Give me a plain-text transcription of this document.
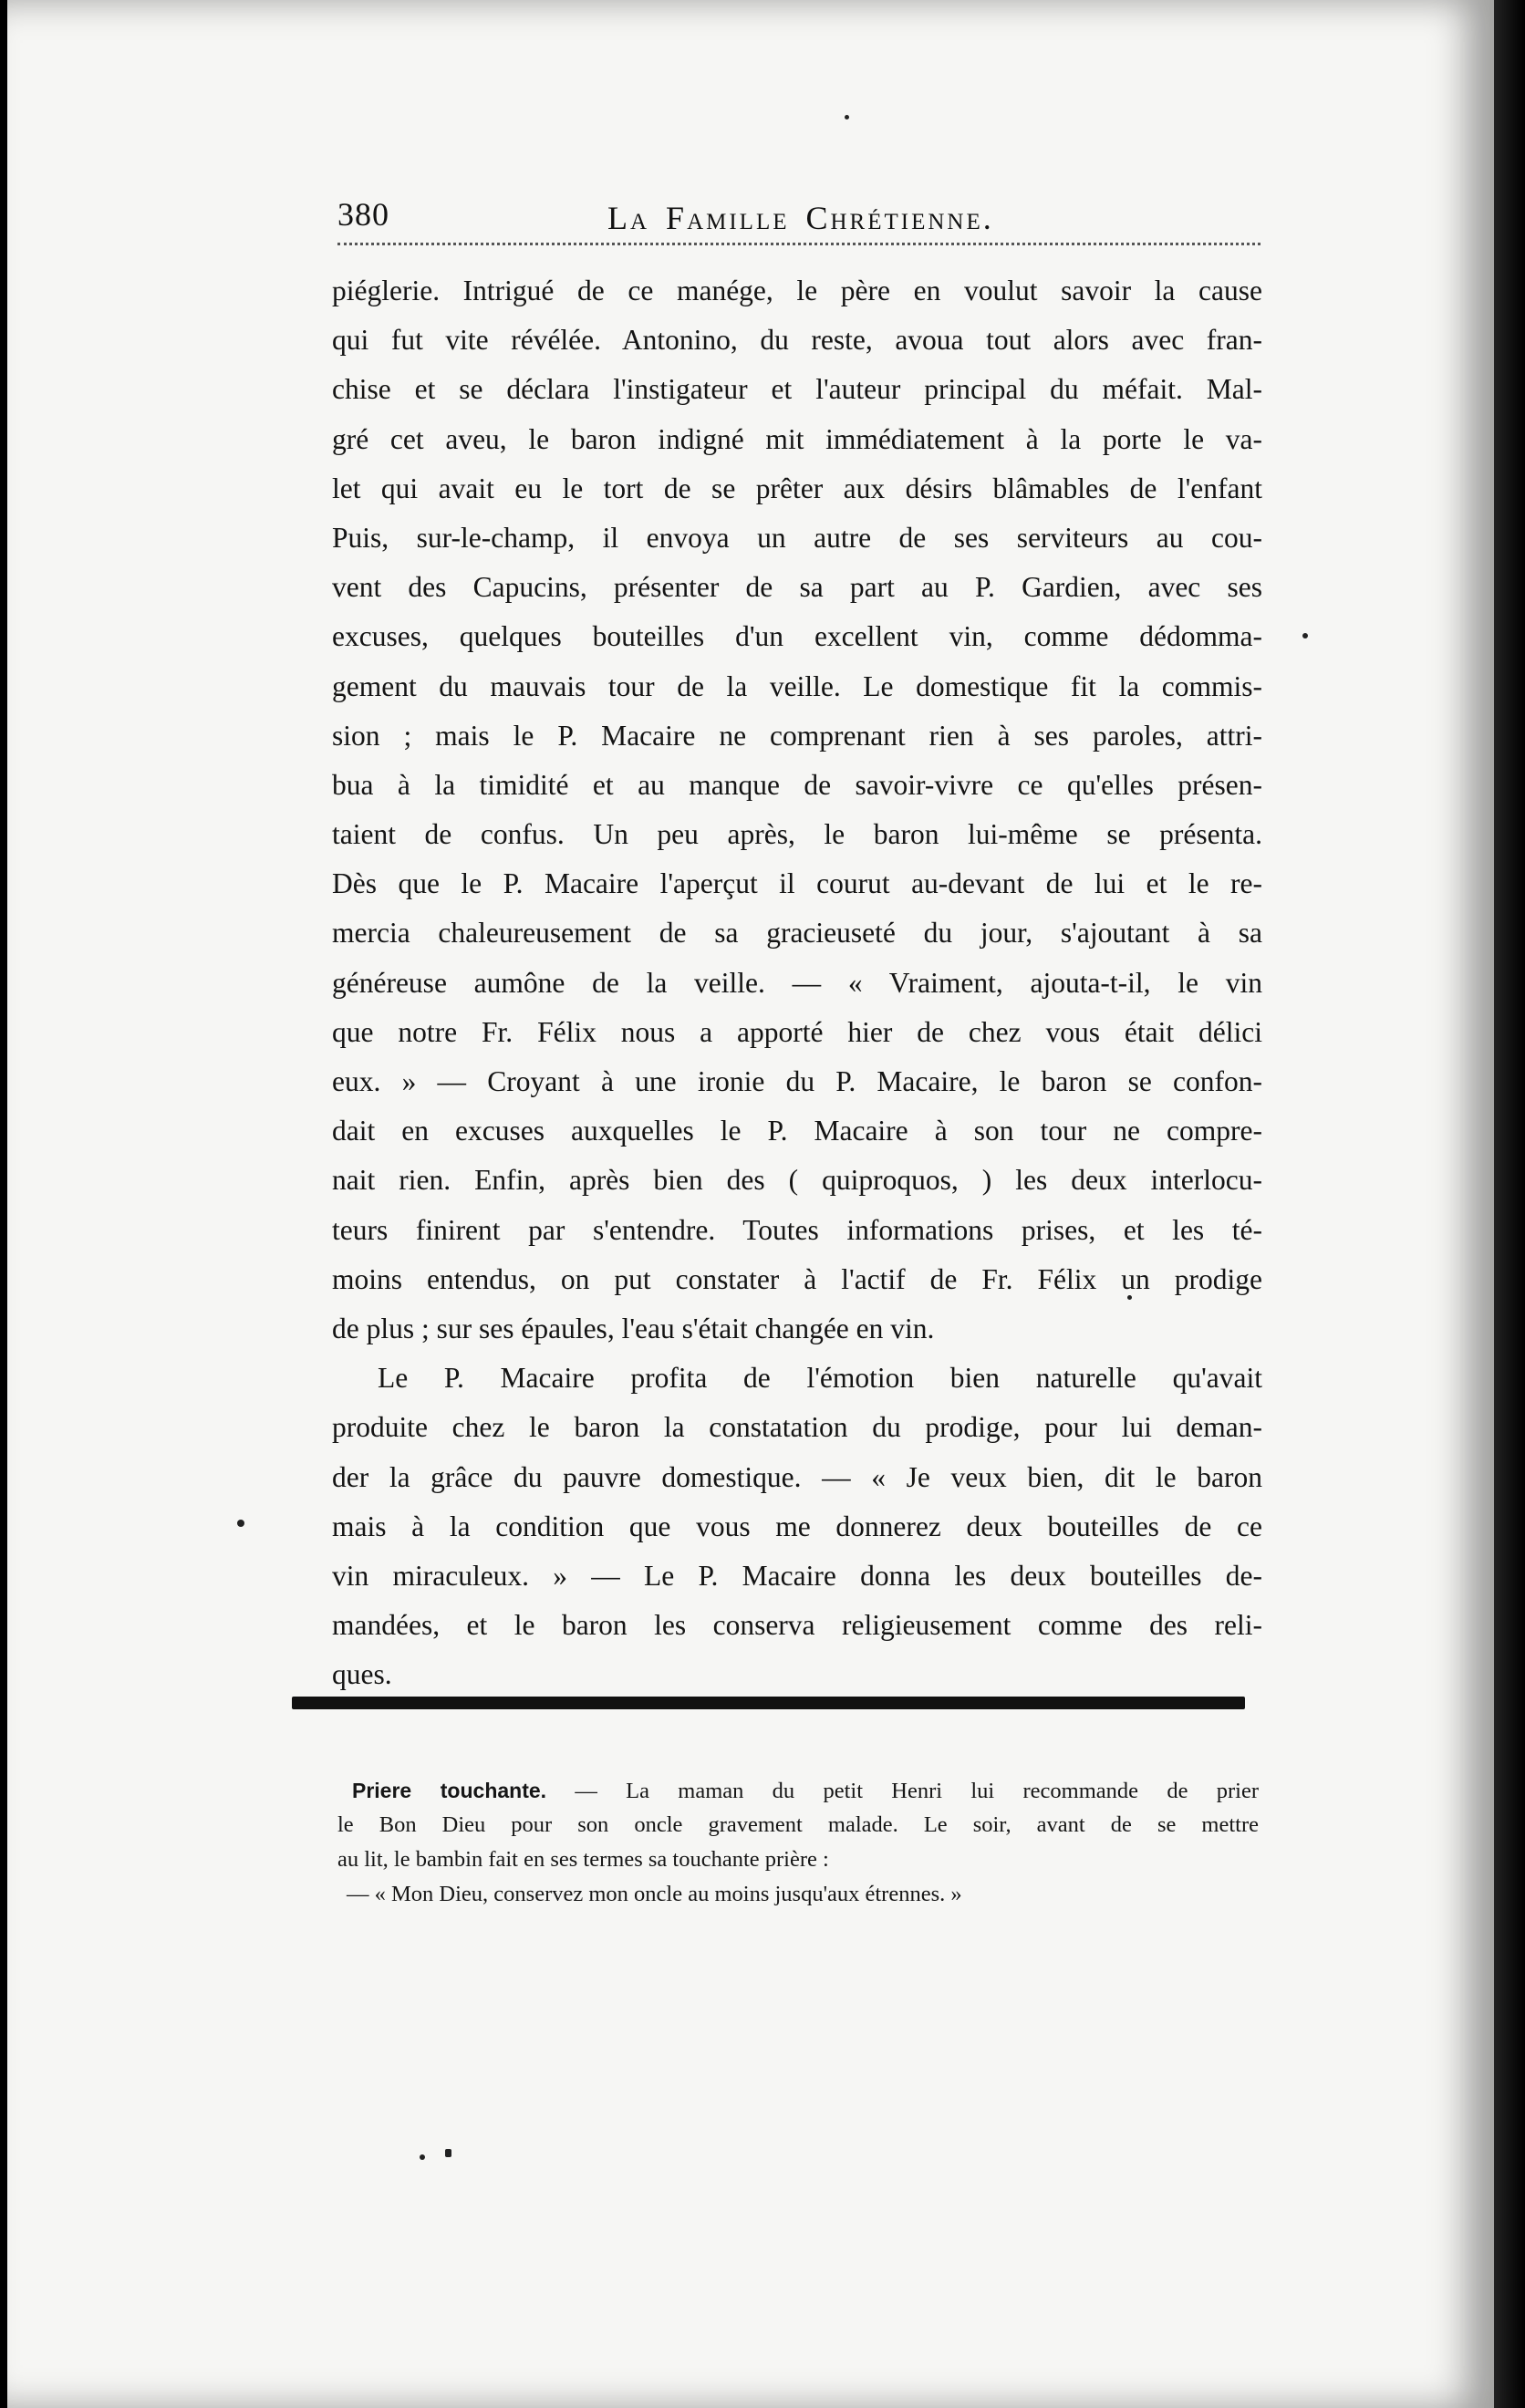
380	La Famille Chrétienne.
piéglerie. Intrigué de ce manége, le père en voulut savoir la cause
qui fut vite révélée. Antonino, du reste, avoua tout alors avec fran-
chise et se déclara l'instigateur et l'auteur principal du méfait. Mal-
gré cet aveu, le baron indigné mit immédiatement à la porte le va-
let qui avait eu le tort de se prêter aux désirs blâmables de l'enfant
Puis, sur-le-champ, il envoya un autre de ses serviteurs au cou-
vent des Capucins, présenter de sa part au P. Gardien, avec ses
excuses, quelques bouteilles d'un excellent vin, comme dédomma-
gement du mauvais tour de la veille. Le domestique fit la commis-
sion ; mais le P. Macaire ne comprenant rien à ses paroles, attri-
bua à la timidité et au manque de savoir-vivre ce qu'elles présen-
taient de confus. Un peu après, le baron lui-même se présenta.
Dès que le P. Macaire l'aperçut il courut au-devant de lui et le re-
mercia chaleureusement de sa gracieuseté du jour, s'ajoutant à sa
généreuse aumône de la veille. — « Vraiment, ajouta-t-il, le vin
que notre Fr. Félix nous a apporté hier de chez vous était délici
eux. » — Croyant à une ironie du P. Macaire, le baron se confon-
dait en excuses auxquelles le P. Macaire à son tour ne compre-
nait rien. Enfin, après bien des ( quiproquos, ) les deux interlocu-
teurs finirent par s'entendre. Toutes informations prises, et les té-
moins entendus, on put constater à l'actif de Fr. Félix un prodige
de plus ; sur ses épaules, l'eau s'était changée en vin.
Le P. Macaire profita de l'émotion bien naturelle qu'avait
produite chez le baron la constatation du prodige, pour lui deman-
der la grâce du pauvre domestique. — « Je veux bien, dit le baron
mais à la condition que vous me donnerez deux bouteilles de ce
vin miraculeux. » — Le P. Macaire donna les deux bouteilles de-
mandées, et le baron les conserva religieusement comme des reli-
ques.
Priere touchante. — La maman du petit Henri lui recommande de prier
le Bon Dieu pour son oncle gravement malade. Le soir, avant de se mettre
au lit, le bambin fait en ses termes sa touchante prière :
— « Mon Dieu, conservez mon oncle au moins jusqu'aux étrennes. »
